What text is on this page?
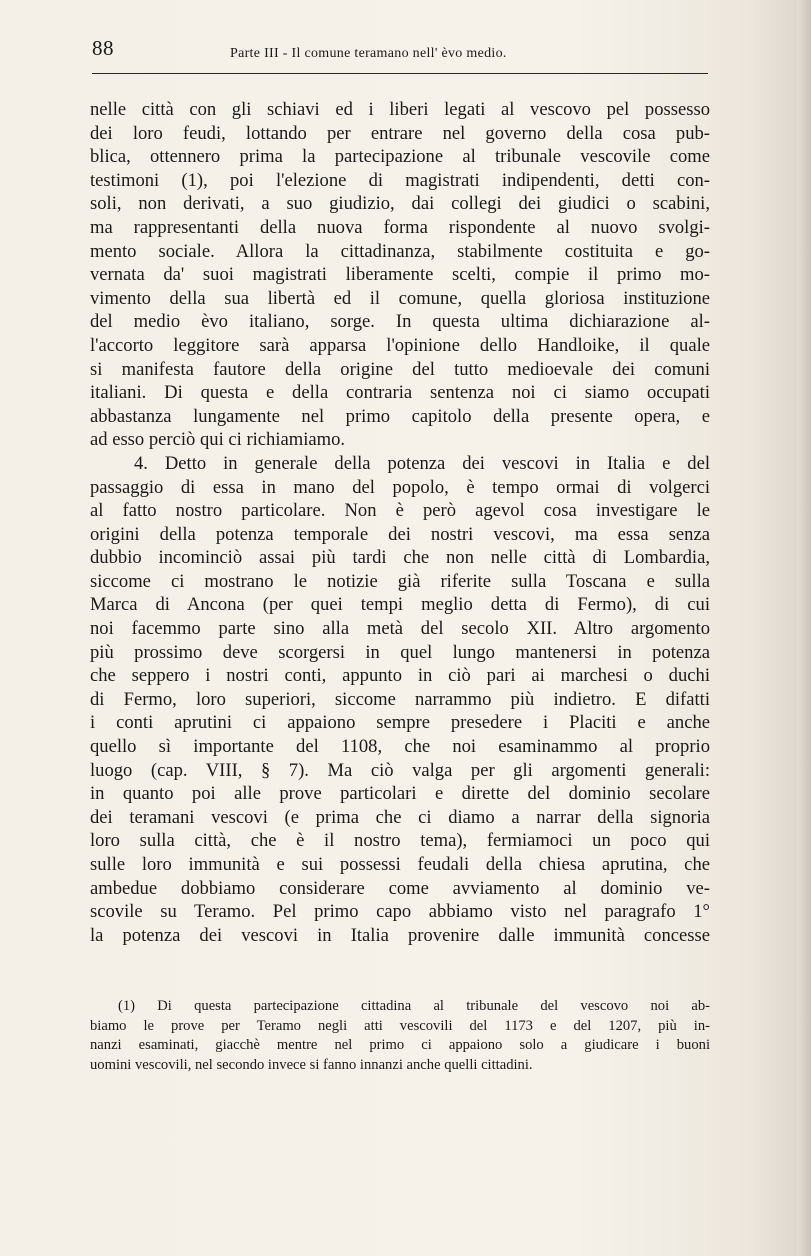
88	Parte III - Il comune teramano nell' èvo medio.
nelle città con gli schiavi ed i liberi legati al vescovo pel possesso
dei loro feudi, lottando per entrare nel governo della cosa pub-
blica, ottennero prima la partecipazione al tribunale vescovile come
testimoni (1), poi l'elezione di magistrati indipendenti, detti con-
soli, non derivati, a suo giudizio, dai collegi dei giudici o scabini,
ma rappresentanti della nuova forma rispondente al nuovo svolgi-
mento sociale. Allora la cittadinanza, stabilmente costituita e go-
vernata da' suoi magistrati liberamente scelti, compie il primo mo-
vimento della sua libertà ed il comune, quella gloriosa instituzione
del medio èvo italiano, sorge. In questa ultima dichiarazione al-
l'accorto leggitore sarà apparsa l'opinione dello Handloike, il quale
si manifesta fautore della origine del tutto medioevale dei comuni
italiani. Di questa e della contraria sentenza noi ci siamo occupati
abbastanza lungamente nel primo capitolo della presente opera, e
ad esso perciò qui ci richiamiamo.
4. Detto in generale della potenza dei vescovi in Italia e del
passaggio di essa in mano del popolo, è tempo ormai di volgerci
al fatto nostro particolare. Non è però agevol cosa investigare le
origini della potenza temporale dei nostri vescovi, ma essa senza
dubbio incominciò assai più tardi che non nelle città di Lombardia,
siccome ci mostrano le notizie già riferite sulla Toscana e sulla
Marca di Ancona (per quei tempi meglio detta di Fermo), di cui
noi facemmo parte sino alla metà del secolo XII. Altro argomento
più prossimo deve scorgersi in quel lungo mantenersi in potenza
che seppero i nostri conti, appunto in ciò pari ai marchesi o duchi
di Fermo, loro superiori, siccome narrammo più indietro. E difatti
i conti aprutini ci appaiono sempre presedere i Placiti e anche
quello sì importante del 1108, che noi esaminammo al proprio
luogo (cap. VIII, § 7). Ma ciò valga per gli argomenti generali:
in quanto poi alle prove particolari e dirette del dominio secolare
dei teramani vescovi (e prima che ci diamo a narrar della signoria
loro sulla città, che è il nostro tema), fermiamoci un poco qui
sulle loro immunità e sui possessi feudali della chiesa aprutina, che
ambedue dobbiamo considerare come avviamento al dominio ve-
scovile su Teramo. Pel primo capo abbiamo visto nel paragrafo 1°
la potenza dei vescovi in Italia provenire dalle immunità concesse
(1) Di questa partecipazione cittadina al tribunale del vescovo noi ab-
biamo le prove per Teramo negli atti vescovili del 1173 e del 1207, più in-
nanzi esaminati, giacchè mentre nel primo ci appaiono solo a giudicare i buoni
uomini vescovili, nel secondo invece si fanno innanzi anche quelli cittadini.
